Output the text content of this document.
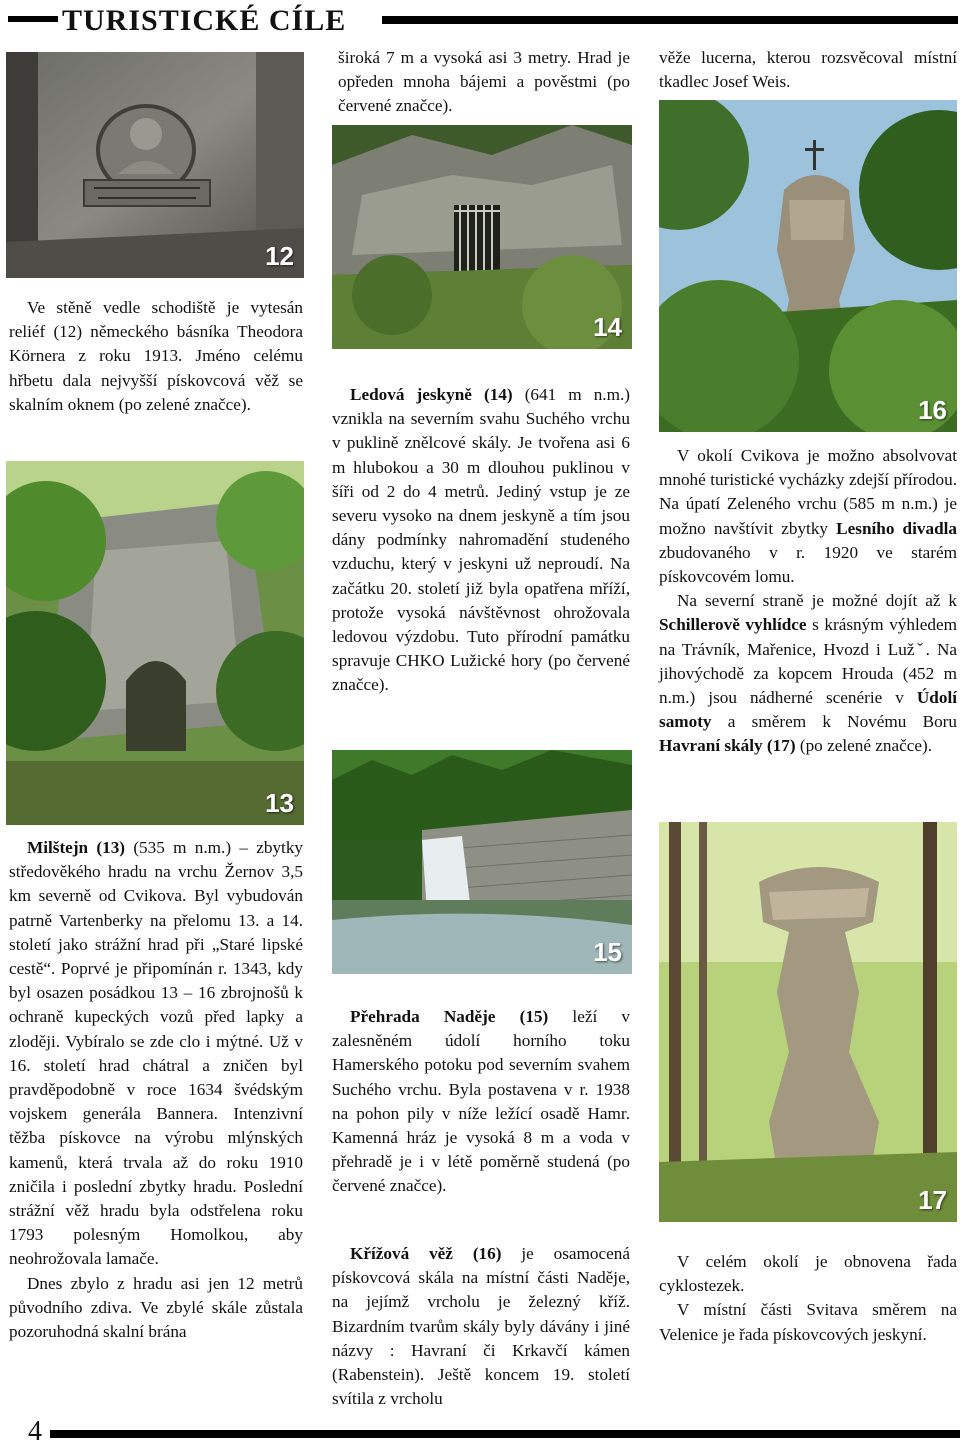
TURISTICKÉ CÍLE
12

Ve stěně vedle schodiště je vytesán reliéf (12) německého básníka Theodora Körnera z roku 1913. Jméno celému hřbetu dala nejvyšší pískovcová věž se skalním oknem (po zelené značce).

13

Milštejn (13) (535 m n.m.) – zbytky středověkého hradu na vrchu Žernov 3,5 km severně od Cvikova. Byl vybudován patrně Vartenberky na přelomu 13. a 14. století jako strážní hrad při „Staré lipské cestě“. Poprvé je připomínán r. 1343, kdy byl osazen posádkou 13 – 16 zbrojnošů k ochraně kupeckých vozů před lapky a zloději. Vybíralo se zde clo i mýtné. Už v 16. století hrad chátral a zničen byl pravděpodobně v roce 1634 švédským vojskem generála Bannera. Intenzivní těžba pískovce na výrobu mlýnských kamenů, která trvala až do roku 1910 zničila i poslední zbytky hradu. Poslední strážní věž hradu byla odstřelena roku 1793 polesným Homolkou, aby neohrožovala lamače.

Dnes zbylo z hradu asi jen 12 metrů původního zdiva. Ve zbylé skále zůstala pozoruhodná skalní brána

široká 7 m a vysoká asi 3 metry. Hrad je opředen mnoha bájemi a pověstmi (po červené značce).

14

Ledová jeskyně (14) (641 m n.m.) vznikla na severním svahu Suchého vrchu v puklině znělcové skály. Je tvořena asi 6 m hlubokou a 30 m dlouhou puklinou v šíři od 2 do 4 metrů. Jediný vstup je ze severu vysoko na dnem jeskyně a tím jsou dány podmínky nahromadění studeného vzduchu, který v jeskyni už neproudí. Na začátku 20. století již byla opatřena mříží, protože vysoká návštěvnost ohrožovala ledovou výzdobu. Tuto přírodní památku spravuje CHKO Lužické hory (po červené značce).

15

Přehrada Naděje (15) leží v zalesněném údolí horního toku Hamerského potoku pod severním svahem Suchého vrchu. Byla postavena v r. 1938 na pohon pily v níže ležící osadě Hamr. Kamenná hráz je vysoká 8 m a voda v přehradě je i v létě poměrně studená (po červené značce).

Křížová věž (16) je osamocená pískovcová skála na místní části Naděje, na jejímž vrcholu je železný kříž. Bizardním tvarům skály byly dávány i jiné názvy : Havraní či Krkavčí kámen (Rabenstein). Ještě koncem 19. století svítila z vrcholu

věže lucerna, kterou rozsvěcoval místní tkadlec Josef Weis.

16

V okolí Cvikova je možno absolvovat mnohé turistické vycházky zdejší přírodou. Na úpatí Zeleného vrchu (585 m n.m.) je možno navštívit zbytky Lesního divadla zbudovaného v r. 1920 ve starém pískovcovém lomu.

Na severní straně je možné dojít až k Schillerově vyhlídce s krásným výhledem na Trávník, Mařenice, Hvozd i Lužˇ. Na jihovýchodě za kopcem Hrouda (452 m n.m.) jsou nádherné scenérie v Údolí samoty a směrem k Novému Boru Havraní skály (17) (po zelené značce).

17

V celém okolí je obnovena řada cyklostezek.

V místní části Svitava směrem na Velenice je řada pískovcových jeskyní.

4
